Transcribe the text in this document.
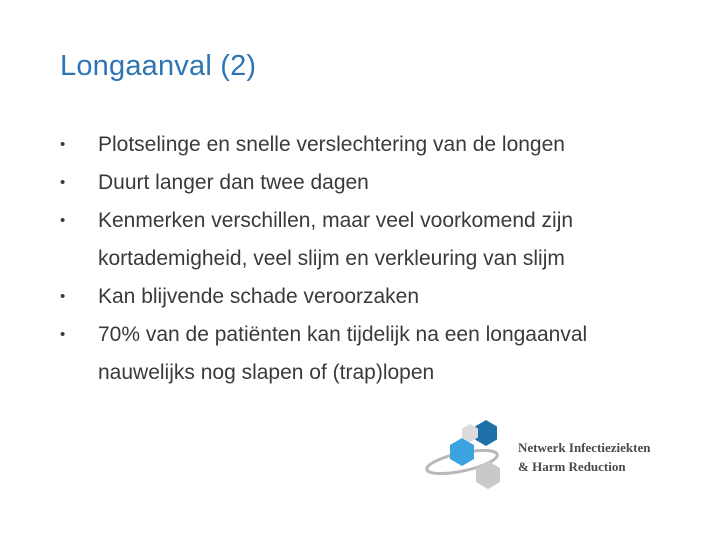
Longaanval (2)
•	Plotselinge en snelle verslechtering van de longen
•	Duurt langer dan twee dagen
•	Kenmerken verschillen, maar veel voorkomend zijn
kortademigheid, veel slijm en verkleuring van slijm
•	Kan blijvende schade veroorzaken
•	70% van de patiënten kan tijdelijk na een longaanval
nauwelijks nog slapen of (trap)lopen
Netwerk Infectieziekten
& Harm Reduction
